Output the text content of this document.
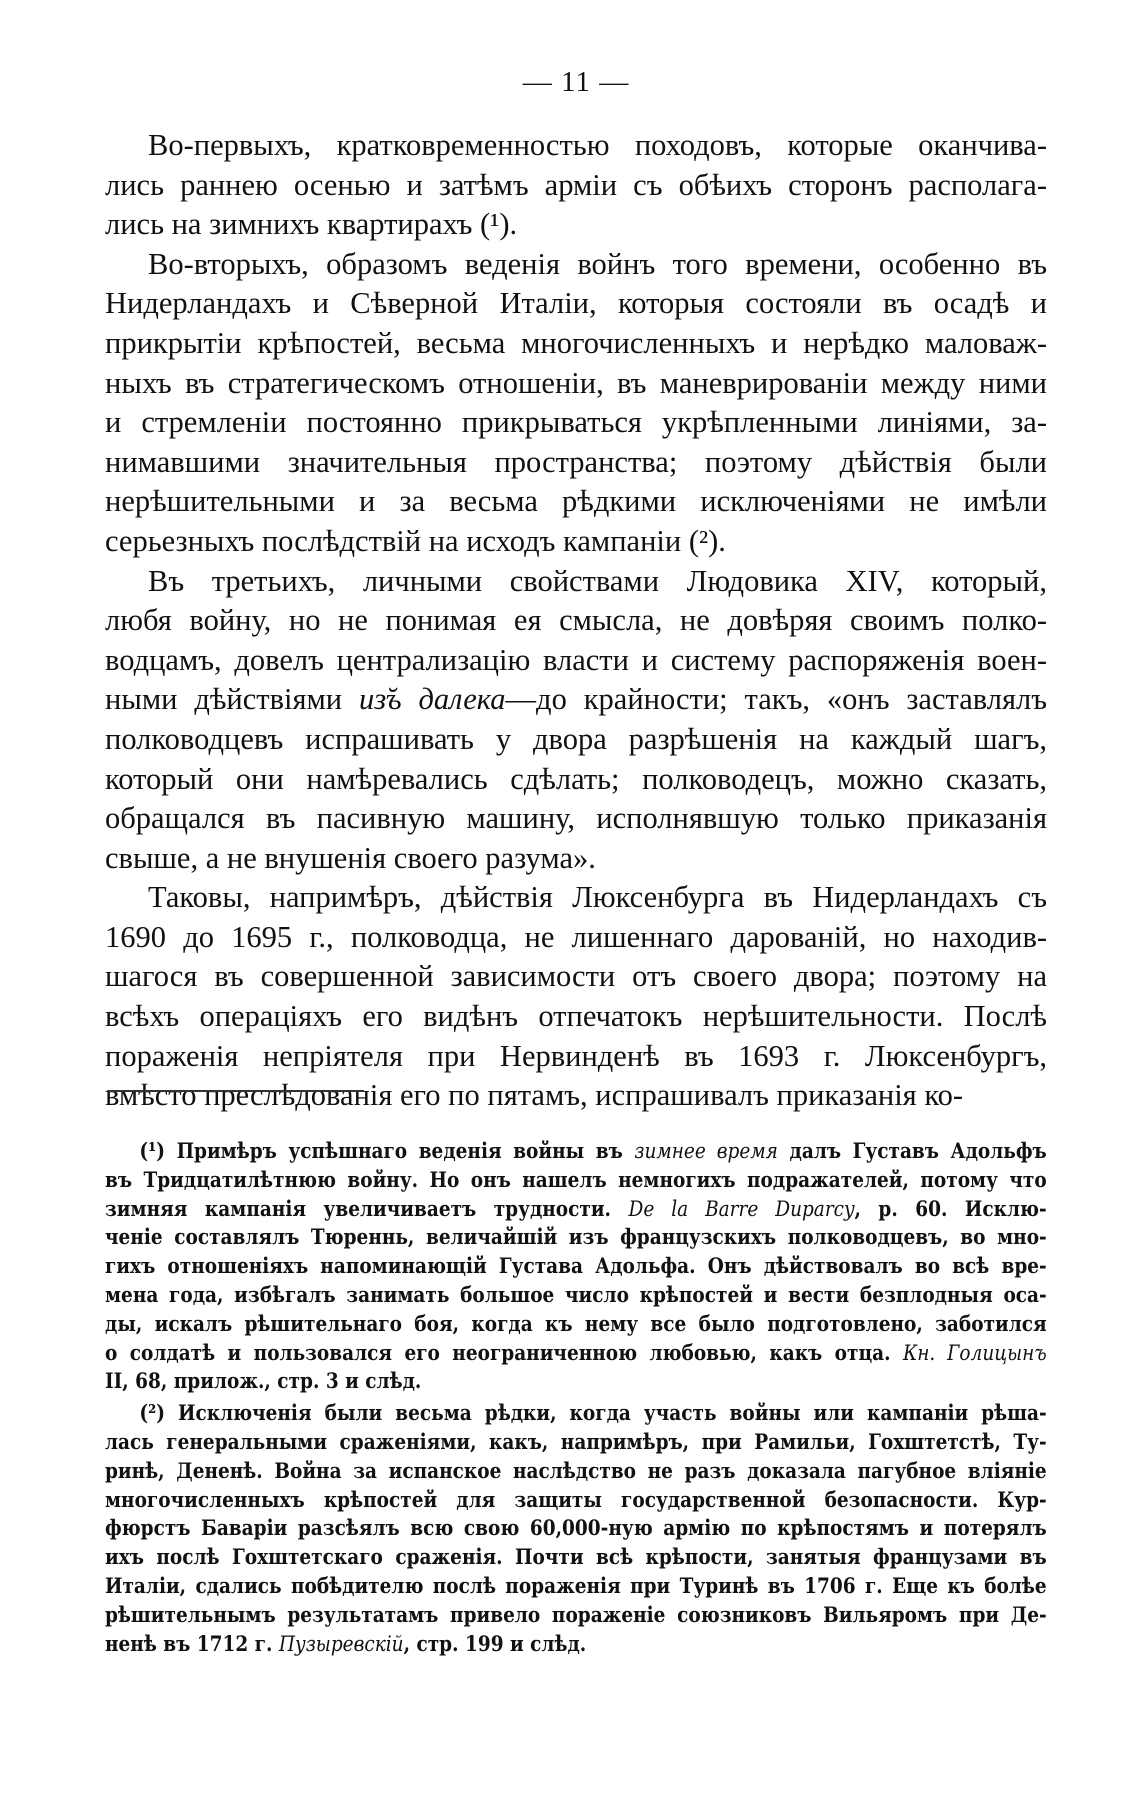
— 11 —
Во-первыхъ, кратковременностью походовъ, которые оканчива-
лись раннею осенью и затѣмъ арміи съ обѣихъ сторонъ располага-
лись на зимнихъ квартирахъ (¹).
Во-вторыхъ, образомъ веденія войнъ того времени, особенно въ
Нидерландахъ и Сѣверной Италіи, которыя состояли въ осадѣ и
прикрытіи крѣпостей, весьма многочисленныхъ и нерѣдко маловаж-
ныхъ въ стратегическомъ отношеніи, въ маневрированіи между ними
и стремленіи постоянно прикрываться укрѣпленными линіями, за-
нимавшими значительныя пространства; поэтому дѣйствія были
нерѣшительными и за весьма рѣдкими исключеніями не имѣли
серьезныхъ послѣдствій на исходъ кампаніи (²).
Въ третьихъ, личными свойствами Людовика XIV, который,
любя войну, но не понимая ея смысла, не довѣряя своимъ полко-
водцамъ, довелъ централизацію власти и систему распоряженія воен-
ными дѣйствіями из̆ъ далека—до крайности; такъ, «онъ заставлялъ
полководцевъ испрашивать у двора разрѣшенія на каждый шагъ,
который они намѣревались сдѣлать; полководецъ, можно сказать,
обращался въ пасивную машину, исполнявшую только приказанія
свыше, а не внушенія своего разума».
Таковы, напримѣръ, дѣйствія Люксенбурга въ Нидерландахъ съ
1690 до 1695 г., полководца, не лишеннаго дарованій, но находив-
шагося въ совершенной зависимости отъ своего двора; поэтому на
всѣхъ операціяхъ его видѣнъ отпечатокъ нерѣшительности. Послѣ
пораженія непріятеля при Нервинденѣ въ 1693 г. Люксенбургъ,
вмѣсто преслѣдованія его по пятамъ, испрашивалъ приказанія ко-
(¹) Примѣръ успѣшнаго веденія войны въ зимнее время далъ Густавъ Адольфъ
въ Тридцатилѣтнюю войну. Но онъ нашелъ немногихъ подражателей, потому что
зимняя кампанія увеличиваетъ трудности. De la Barre Duparcy, p. 60. Исклю-
ченіе составлялъ Тюреннь, величайшій изъ французскихъ полководцевъ, во мно-
гихъ отношеніяхъ напоминающій Густава Адольфа. Онъ дѣйствовалъ во всѣ вре-
мена года, избѣгалъ занимать большое число крѣпостей и вести безплодныя оса-
ды, искалъ рѣшительнаго боя, когда къ нему все было подготовлено, заботился
о солдатѣ и пользовался его неограниченною любовью, какъ отца. Кн. Голицынъ
II, 68, прилож., стр. 3 и слѣд.
(²) Исключенія были весьма рѣдки, когда участь войны или кампаніи рѣша-
лась генеральными сраженіями, какъ, напримѣръ, при Рамильи, Гохштетстѣ, Ту-
ринѣ, Дененѣ. Война за испанское наслѣдство не разъ доказала пагубное вліяніе
многочисленныхъ крѣпостей для защиты государственной безопасности. Кур-
фюрстъ Баваріи разсѣялъ всю свою 60,000-ную армію по крѣпостямъ и потерялъ
ихъ послѣ Гохштетскаго сраженія. Почти всѣ крѣпости, занятыя французами въ
Италіи, сдались побѣдителю послѣ пораженія при Туринѣ въ 1706 г. Еще къ болѣе
рѣшительнымъ результатамъ привело пораженіе союзниковъ Вильяромъ при Де-
ненѣ въ 1712 г. Пузыревскій, стр. 199 и слѣд.
